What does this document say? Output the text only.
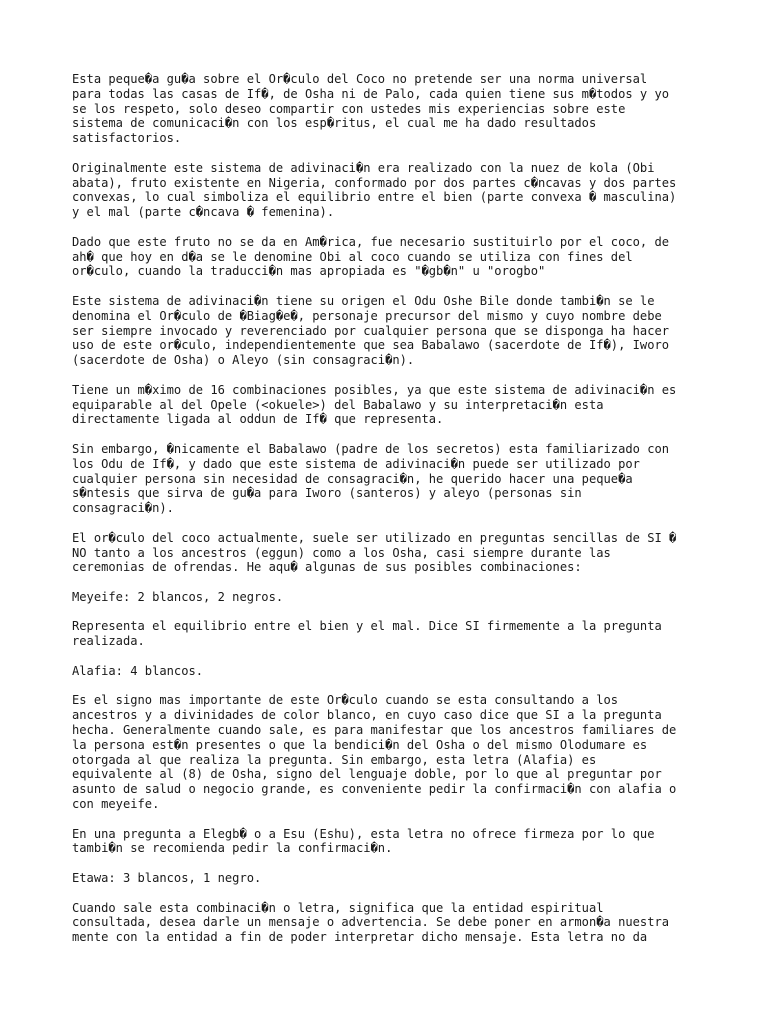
Esta peque�a gu�a sobre el Or�culo del Coco no pretende ser una norma universal
para todas las casas de If�, de Osha ni de Palo, cada quien tiene sus m�todos y yo
se los respeto, solo deseo compartir con ustedes mis experiencias sobre este
sistema de comunicaci�n con los esp�ritus, el cual me ha dado resultados
satisfactorios.

Originalmente este sistema de adivinaci�n era realizado con la nuez de kola (Obi
abata), fruto existente en Nigeria, conformado por dos partes c�ncavas y dos partes
convexas, lo cual simboliza el equilibrio entre el bien (parte convexa � masculina)
y el mal (parte c�ncava � femenina).

Dado que este fruto no se da en Am�rica, fue necesario sustituirlo por el coco, de
ah� que hoy en d�a se le denomine Obi al coco cuando se utiliza con fines del
or�culo, cuando la traducci�n mas apropiada es "�gb�n" u "orogbo"

Este sistema de adivinaci�n tiene su origen el Odu Oshe Bile donde tambi�n se le
denomina el Or�culo de �Biag�e�, personaje precursor del mismo y cuyo nombre debe
ser siempre invocado y reverenciado por cualquier persona que se disponga ha hacer
uso de este or�culo, independientemente que sea Babalawo (sacerdote de If�), Iworo
(sacerdote de Osha) o Aleyo (sin consagraci�n).

Tiene un m�ximo de 16 combinaciones posibles, ya que este sistema de adivinaci�n es
equiparable al del Opele (<okuele>) del Babalawo y su interpretaci�n esta
directamente ligada al oddun de If� que representa.

Sin embargo, �nicamente el Babalawo (padre de los secretos) esta familiarizado con
los Odu de If�, y dado que este sistema de adivinaci�n puede ser utilizado por
cualquier persona sin necesidad de consagraci�n, he querido hacer una peque�a
s�ntesis que sirva de gu�a para Iworo (santeros) y aleyo (personas sin
consagraci�n).

El or�culo del coco actualmente, suele ser utilizado en preguntas sencillas de SI �
NO tanto a los ancestros (eggun) como a los Osha, casi siempre durante las
ceremonias de ofrendas. He aqu� algunas de sus posibles combinaciones:

Meyeife: 2 blancos, 2 negros.

Representa el equilibrio entre el bien y el mal. Dice SI firmemente a la pregunta
realizada.

Alafia: 4 blancos.

Es el signo mas importante de este Or�culo cuando se esta consultando a los
ancestros y a divinidades de color blanco, en cuyo caso dice que SI a la pregunta
hecha. Generalmente cuando sale, es para manifestar que los ancestros familiares de
la persona est�n presentes o que la bendici�n del Osha o del mismo Olodumare es
otorgada al que realiza la pregunta. Sin embargo, esta letra (Alafia) es
equivalente al (8) de Osha, signo del lenguaje doble, por lo que al preguntar por
asunto de salud o negocio grande, es conveniente pedir la confirmaci�n con alafia o
con meyeife.

En una pregunta a Elegb� o a Esu (Eshu), esta letra no ofrece firmeza por lo que
tambi�n se recomienda pedir la confirmaci�n.

Etawa: 3 blancos, 1 negro.

Cuando sale esta combinaci�n o letra, significa que la entidad espiritual
consultada, desea darle un mensaje o advertencia. Se debe poner en armon�a nuestra
mente con la entidad a fin de poder interpretar dicho mensaje. Esta letra no da
